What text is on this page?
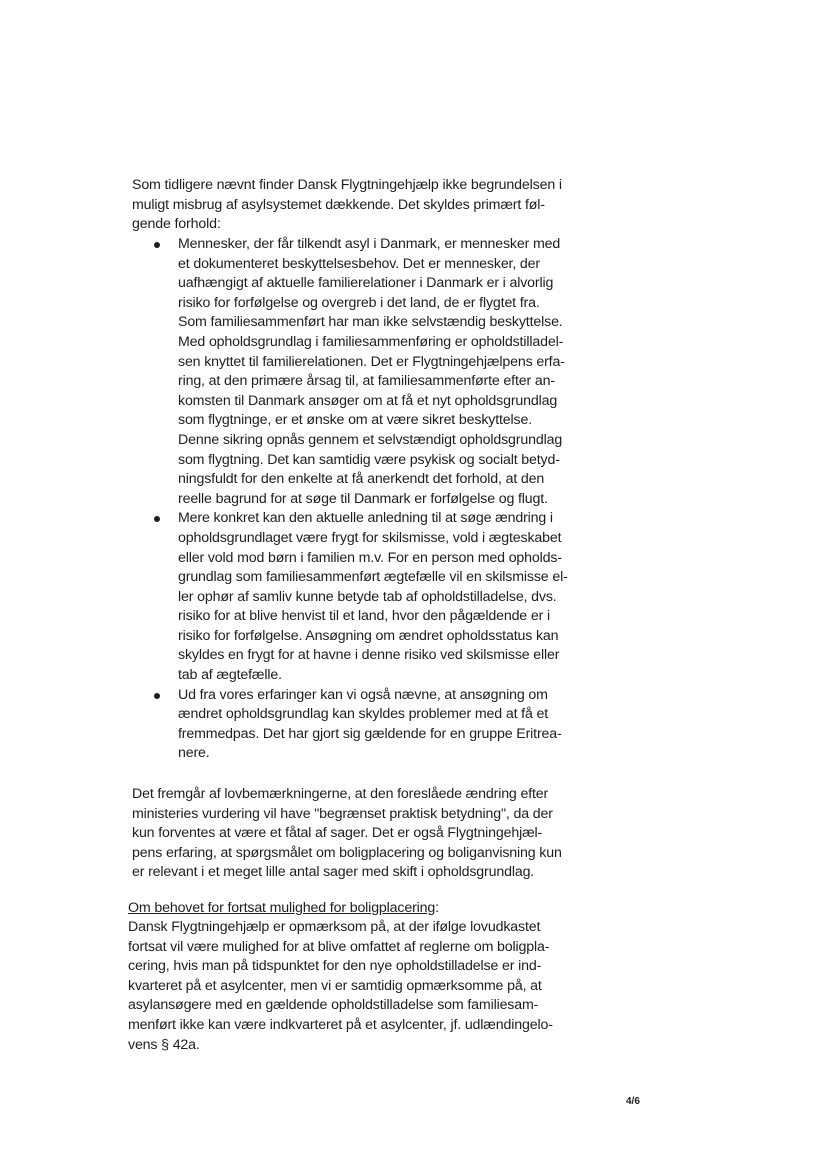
Som tidligere nævnt finder Dansk Flygtningehjælp ikke begrundelsen i
muligt misbrug af asylsystemet dækkende. Det skyldes primært føl-
gende forhold:
Mennesker, der får tilkendt asyl i Danmark, er mennesker med
et dokumenteret beskyttelsesbehov. Det er mennesker, der
uafhængigt af aktuelle familierelationer i Danmark er i alvorlig
risiko for forfølgelse og overgreb i det land, de er flygtet fra.
Som familiesammenført har man ikke selvstændig beskyttelse.
Med opholdsgrundlag i familiesammenføring er opholdstilladel-
sen knyttet til familierelationen. Det er Flygtningehjælpens erfa-
ring, at den primære årsag til, at familiesammenførte efter an-
komsten til Danmark ansøger om at få et nyt opholdsgrundlag
som flygtninge, er et ønske om at være sikret beskyttelse.
Denne sikring opnås gennem et selvstændigt opholdsgrundlag
som flygtning. Det kan samtidig være psykisk og socialt betyd-
ningsfuldt for den enkelte at få anerkendt det forhold, at den
reelle bagrund for at søge til Danmark er forfølgelse og flugt.
Mere konkret kan den aktuelle anledning til at søge ændring i
opholdsgrundlaget være frygt for skilsmisse, vold i ægteskabet
eller vold mod børn i familien m.v. For en person med opholds-
grundlag som familiesammenført ægtefælle vil en skilsmisse el-
ler ophør af samliv kunne betyde tab af opholdstilladelse, dvs.
risiko for at blive henvist til et land, hvor den pågældende er i
risiko for forfølgelse. Ansøgning om ændret opholdsstatus kan
skyldes en frygt for at havne i denne risiko ved skilsmisse eller
tab af ægtefælle.
Ud fra vores erfaringer kan vi også nævne, at ansøgning om
ændret opholdsgrundlag kan skyldes problemer med at få et
fremmedpas. Det har gjort sig gældende for en gruppe Eritrea-
nere.
Det fremgår af lovbemærkningerne, at den foreslåede ændring efter
ministeries vurdering vil have "begrænset praktisk betydning", da der
kun forventes at være et fåtal af sager. Det er også Flygtningehjæl-
pens erfaring, at spørgsmålet om boligplacering og boliganvisning kun
er relevant i et meget lille antal sager med skift i opholdsgrundlag.
Om behovet for fortsat mulighed for boligplacering:
Dansk Flygtningehjælp er opmærksom på, at der ifølge lovudkastet
fortsat vil være mulighed for at blive omfattet af reglerne om boligpla-
cering, hvis man på tidspunktet for den nye opholdstilladelse er ind-
kvarteret på et asylcenter, men vi er samtidig opmærksomme på, at
asylansøgere med en gældende opholdstilladelse som familiesam-
menført ikke kan være indkvarteret på et asylcenter, jf. udlændingelo-
vens § 42a.
4/6
